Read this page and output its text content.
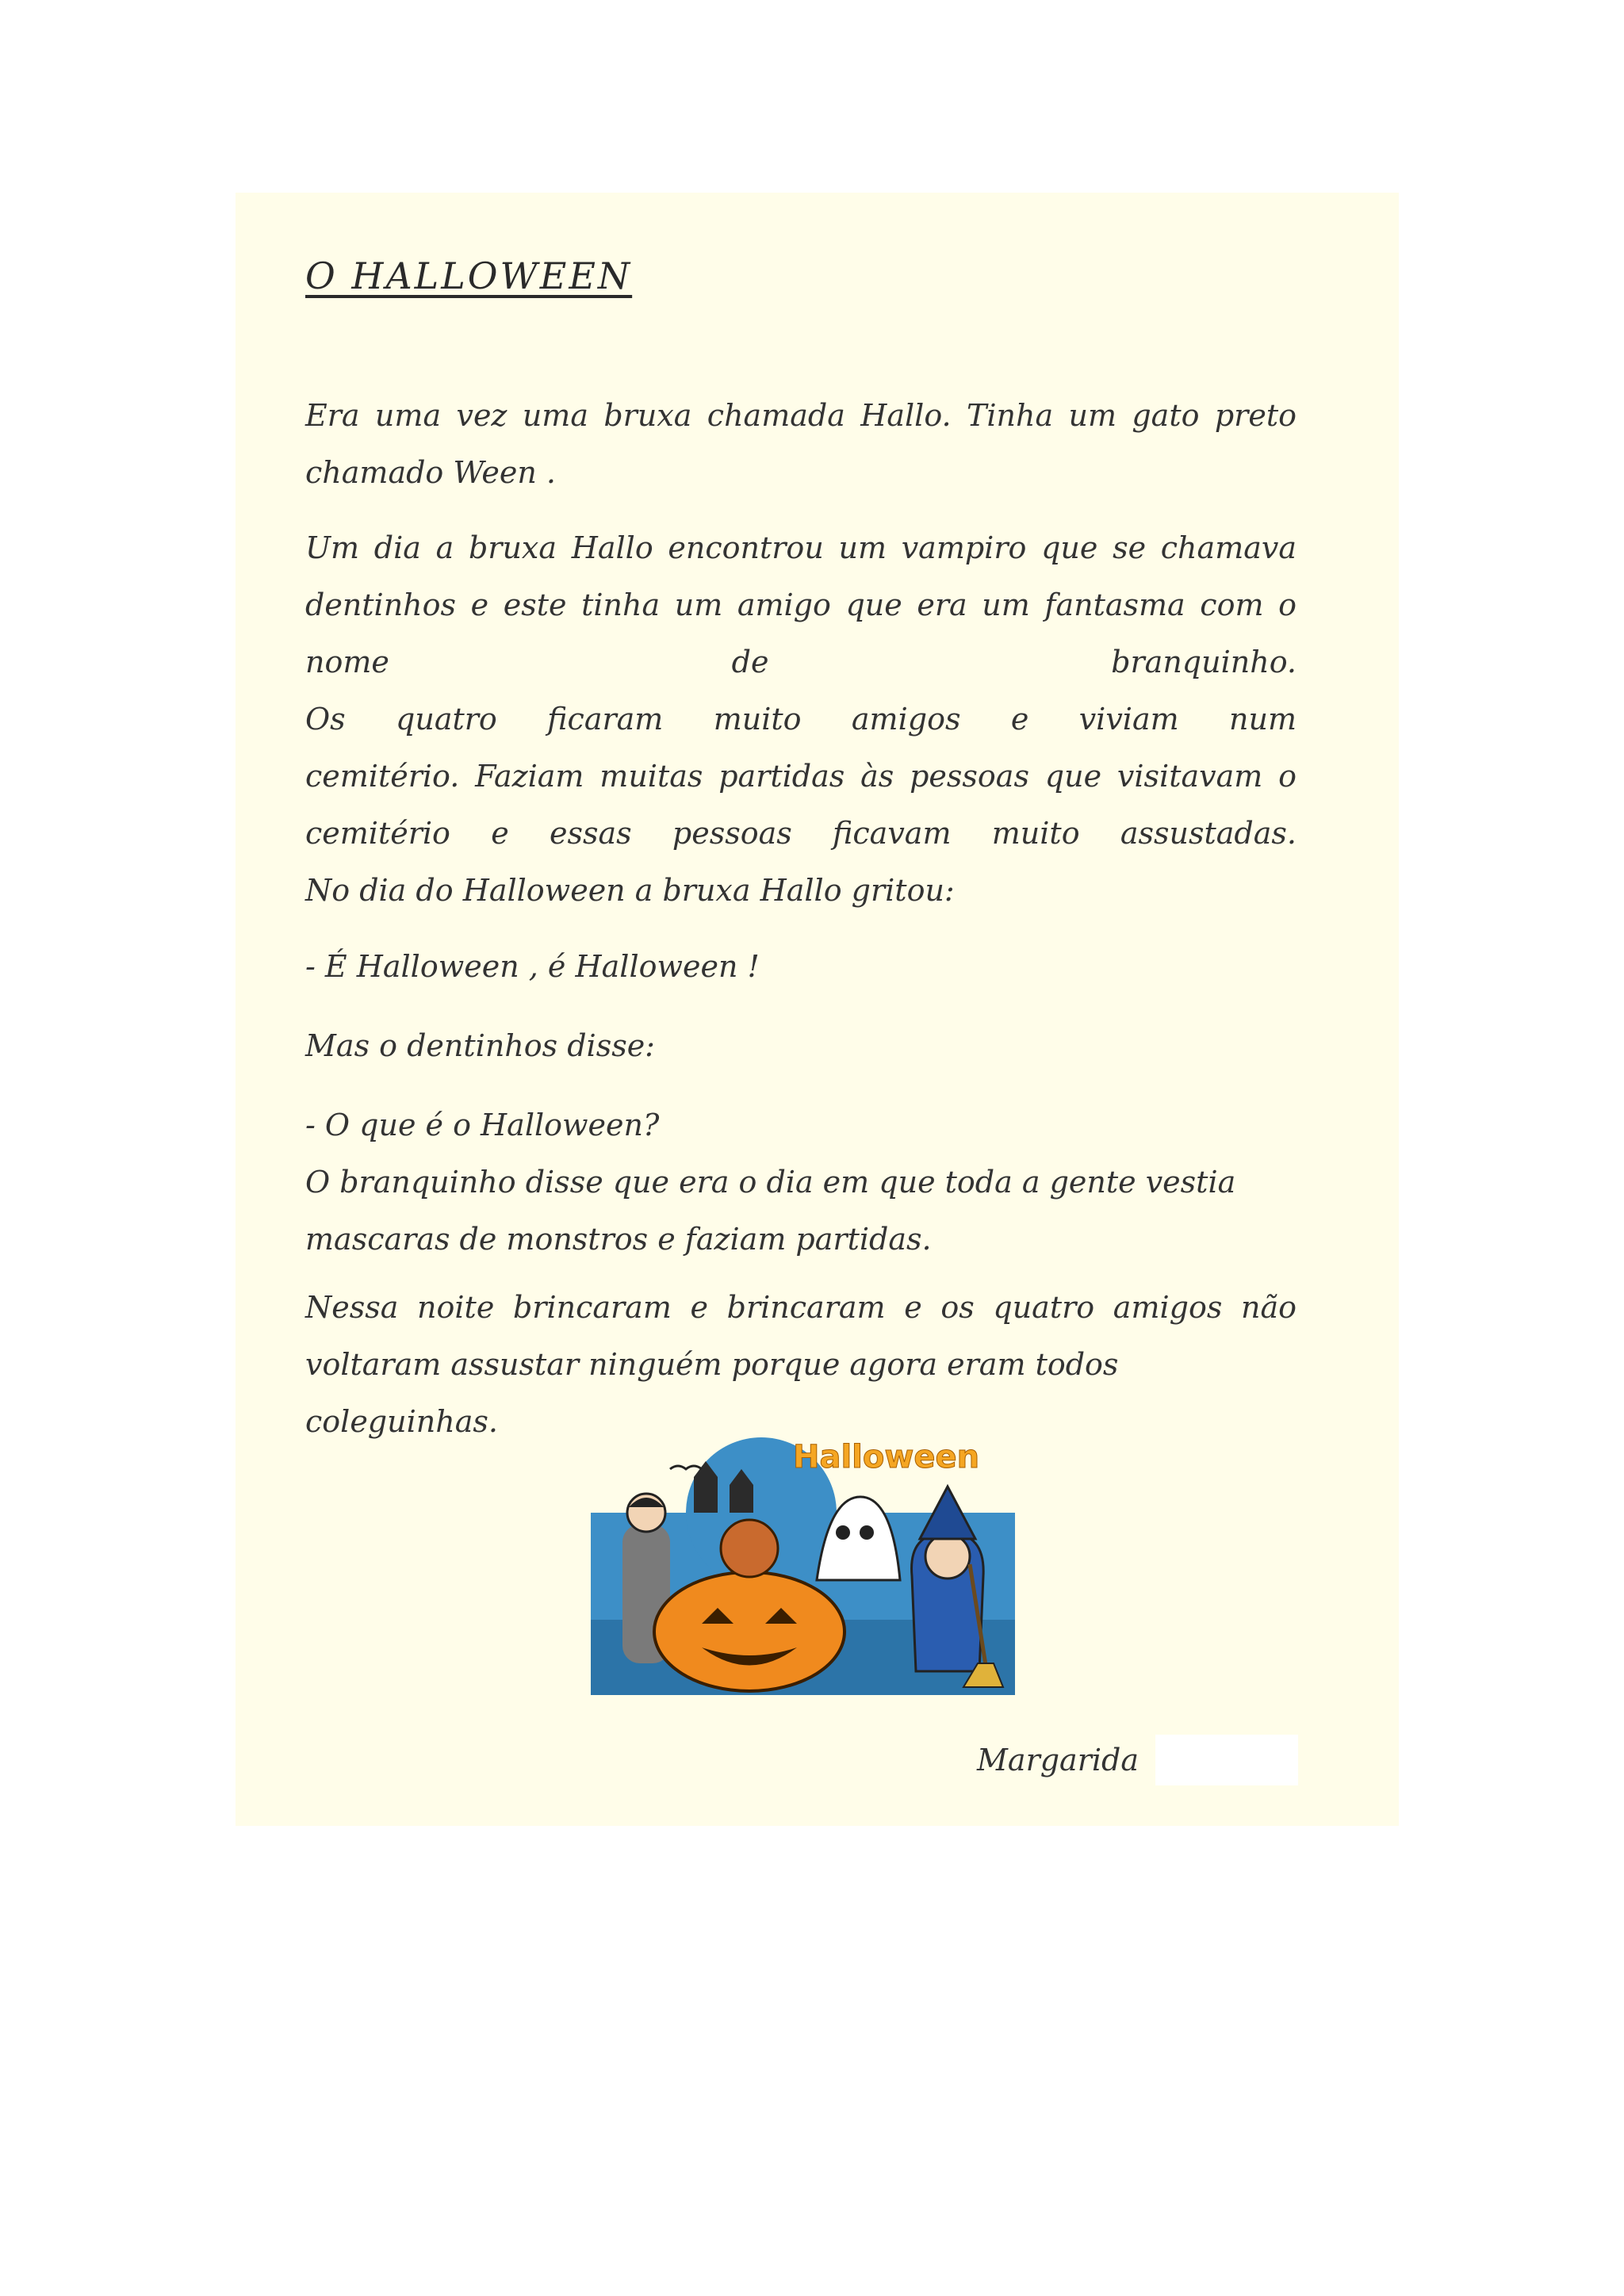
O HALLOWEEN

Era uma vez uma bruxa chamada Hallo. Tinha um gato preto
chamado Ween .

Um dia a bruxa Hallo encontrou um vampiro que se chamava
dentinhos e este tinha um amigo que era um fantasma com o
nome de branquinho.
Os quatro ficaram muito amigos e viviam num
cemitério. Faziam muitas partidas às pessoas que visitavam o
cemitério e essas pessoas ficavam muito assustadas.
No dia do Halloween a bruxa Hallo gritou:

- É Halloween , é Halloween !

Mas o dentinhos disse:

- O que é o Halloween?
O branquinho disse que era o dia em que toda a gente vestia
mascaras de monstros e faziam partidas.

Nessa noite brincaram e brincaram e os quatro amigos não
voltaram assustar ninguém porque agora eram todos coleguinhas.

Halloween
Margarida
